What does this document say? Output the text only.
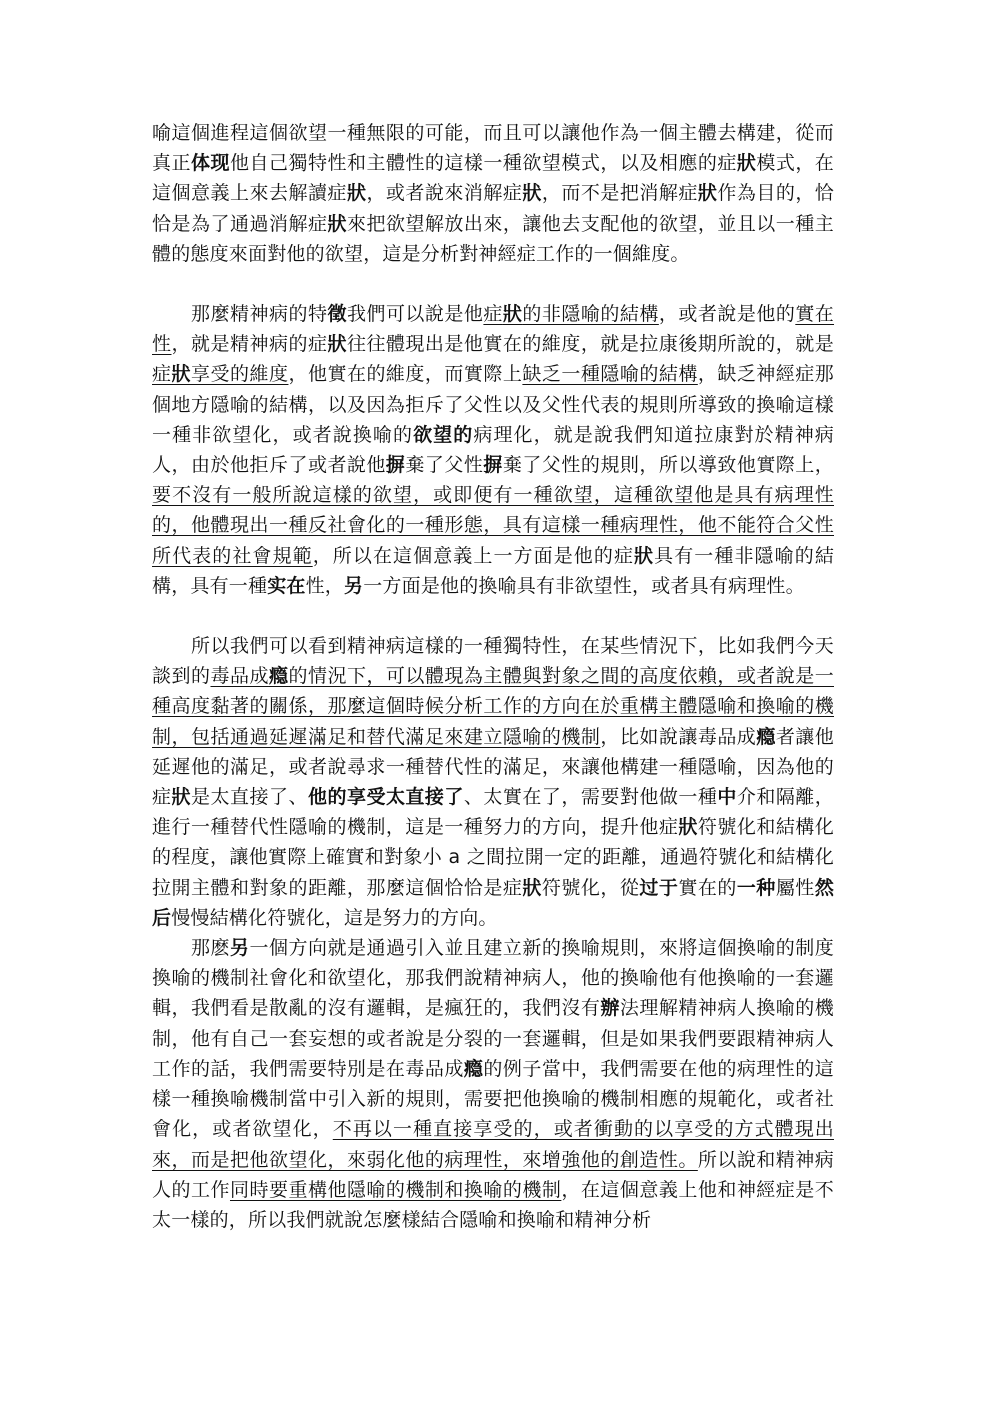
喻這個進程這個欲望一種無限的可能，而且可以讓他作為一個主體去構建，從而真正体现他自己獨特性和主體性的這樣一種欲望模式，以及相應的症狀模式，在這個意義上來去解讀症狀，或者說來消解症狀，而不是把消解症狀作為目的，恰恰是為了通過消解症狀來把欲望解放出來，讓他去支配他的欲望，並且以一種主體的態度來面對他的欲望，這是分析對神經症工作的一個維度。

那麼精神病的特徵我們可以說是他症狀的非隱喻的結構，或者說是他的實在性，就是精神病的症狀往往體現出是他實在的維度，就是拉康後期所說的，就是症狀享受的維度，他實在的維度，而實際上缺乏一種隱喻的結構，缺乏神經症那個地方隱喻的結構，以及因為拒斥了父性以及父性代表的規則所導致的換喻這樣一種非欲望化，或者說換喻的欲望的病理化，就是說我們知道拉康對於精神病人，由於他拒斥了或者說他摒棄了父性摒棄了父性的規則，所以導致他實際上，要不沒有一般所說這樣的欲望，或即便有一種欲望，這種欲望他是具有病理性的，他體現出一種反社會化的一種形態，具有這樣一種病理性，他不能符合父性所代表的社會規範，所以在這個意義上一方面是他的症狀具有一種非隱喻的結構，具有一種实在性，另一方面是他的換喻具有非欲望性，或者具有病理性。

所以我們可以看到精神病這樣的一種獨特性，在某些情況下，比如我們今天談到的毒品成瘾的情況下，可以體現為主體與對象之間的高度依賴，或者說是一種高度黏著的關係，那麼這個時候分析工作的方向在於重構主體隱喻和換喻的機制，包括通過延遲滿足和替代滿足來建立隱喻的機制，比如說讓毒品成瘾者讓他延遲他的滿足，或者說尋求一種替代性的滿足，來讓他構建一種隱喻，因為他的症狀是太直接了、他的享受太直接了、太實在了，需要對他做一種中介和隔離，進行一種替代性隱喻的機制，這是一種努力的方向，提升他症狀符號化和結構化的程度，讓他實際上確實和對象小 a 之間拉開一定的距離，通過符號化和結構化拉開主體和對象的距離，那麼這個恰恰是症狀符號化，從过于實在的一种屬性然后慢慢結構化符號化，這是努力的方向。

那麽另一個方向就是通過引入並且建立新的換喻規則，來將這個換喻的制度換喻的機制社會化和欲望化，那我們說精神病人，他的換喻他有他換喻的一套邏輯，我們看是散亂的沒有邏輯，是瘋狂的，我們沒有辦法理解精神病人換喻的機制，他有自己一套妄想的或者說是分裂的一套邏輯，但是如果我們要跟精神病人工作的話，我們需要特別是在毒品成瘾的例子當中，我們需要在他的病理性的這樣一種換喻機制當中引入新的規則，需要把他換喻的機制相應的規範化，或者社會化，或者欲望化，不再以一種直接享受的，或者衝動的以享受的方式體現出來，而是把他欲望化，來弱化他的病理性，來增強他的創造性。所以說和精神病人的工作同時要重構他隱喻的機制和換喻的機制，在這個意義上他和神經症是不太一樣的，所以我們就說怎麼樣結合隱喻和換喻和精神分析
